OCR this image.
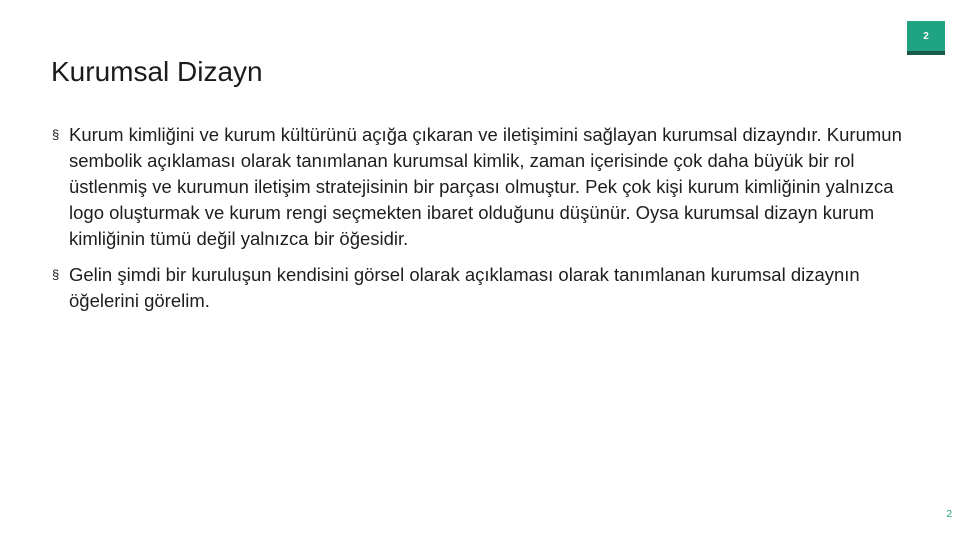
2
Kurumsal Dizayn
§ Kurum kimliğini ve kurum kültürünü açığa çıkaran ve iletişimini sağlayan kurumsal dizayndır. Kurumun sembolik açıklaması olarak tanımlanan kurumsal kimlik, zaman içerisinde çok daha büyük bir rol üstlenmiş ve kurumun iletişim stratejisinin bir parçası olmuştur. Pek çok kişi kurum kimliğinin yalnızca logo oluşturmak ve kurum rengi seçmekten ibaret olduğunu düşünür. Oysa kurumsal dizayn kurum kimliğinin tümü değil yalnızca bir öğesidir.
§ Gelin şimdi bir kuruluşun kendisini görsel olarak açıklaması olarak tanımlanan kurumsal dizaynın öğelerini görelim.
2
